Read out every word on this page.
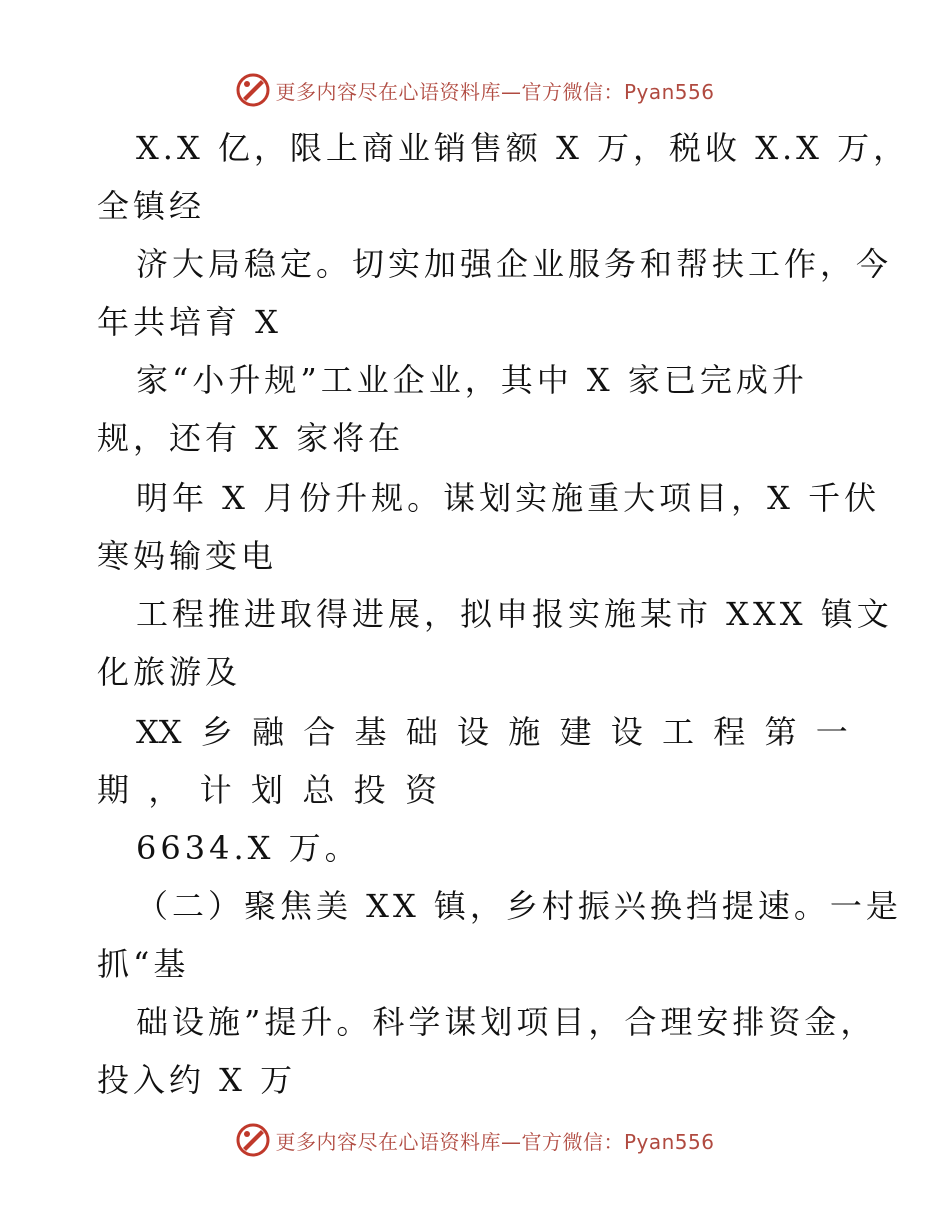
更多内容尽在心语资料库—官方微信：Pyan556
X.X 亿，限上商业销售额 X 万，税收 X.X 万，
全镇经
济大局稳定。切实加强企业服务和帮扶工作，今
年共培育 X
家“小升规”工业企业，其中 X 家已完成升
规，还有 X 家将在
明年 X 月份升规。谋划实施重大项目，X 千伏
寒妈输变电
工程推进取得进展，拟申报实施某市 XXX 镇文
化旅游及
XX 乡 融 合 基 础 设 施 建 设 工 程 第 一
期 ， 计 划 总 投 资
6634.X 万。
（二）聚焦美 XX 镇，乡村振兴换挡提速。一是
抓“基
础设施”提升。科学谋划项目，合理安排资金，
投入约 X 万
更多内容尽在心语资料库—官方微信：Pyan556
